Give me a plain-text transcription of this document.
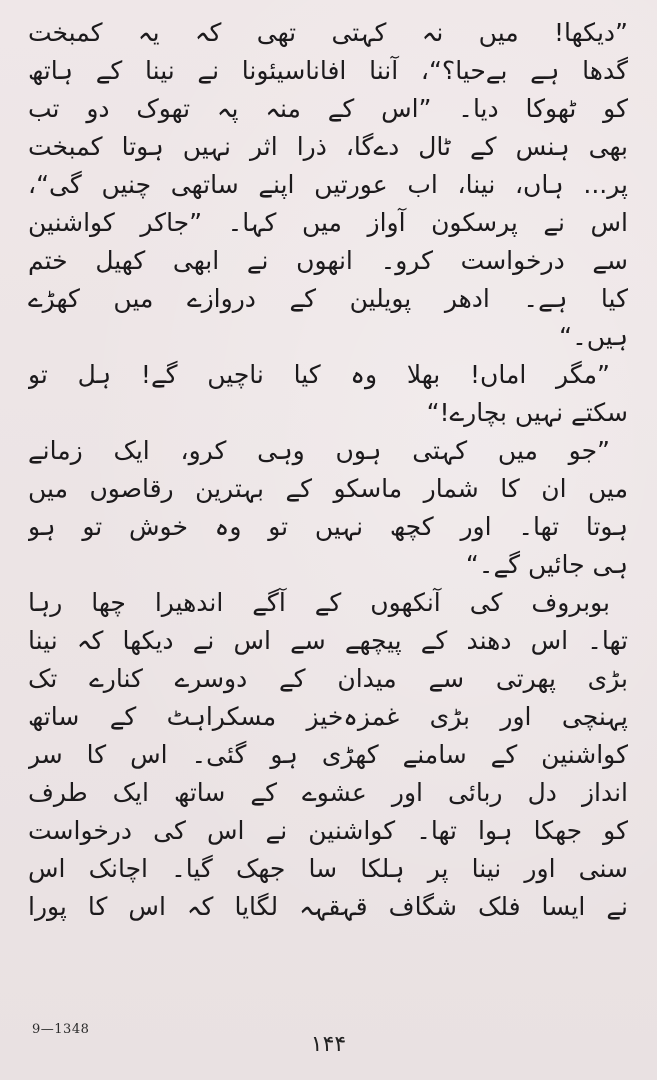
”دیکھا! میں نہ کہتی تھی کہ یہ کمبخت
گدھا ہے بےحیا؟“، آننا افاناسیئونا نے نینا کے ہاتھ
کو ٹھوکا دیا۔ ”اس کے منہ پہ تھوک دو تب
بھی ہنس کے ٹال دےگا، ذرا اثر نہیں ہوتا کمبخت
پر... ہاں، نینا، اب عورتیں اپنے ساتھی چنیں گی“،
اس نے پرسکون آواز میں کہا۔ ”جاکر کواشنین
سے درخواست کرو۔ انھوں نے ابھی کھیل ختم
کیا ہے۔ ادھر پویلین کے دروازے میں کھڑے
ہیں۔“
”مگر اماں! بھلا وہ کیا ناچیں گے! ہل تو
سکتے نہیں بچارے!“
”جو میں کہتی ہوں وہی کرو، ایک زمانے
میں ان کا شمار ماسکو کے بہترین رقاصوں میں
ہوتا تھا۔ اور کچھ نہیں تو وہ خوش تو ہو
ہی جائیں گے۔“
بوبروف کی آنکھوں کے آگے اندھیرا چھا رہا
تھا۔ اس دھند کے پیچھے سے اس نے دیکھا کہ نینا
بڑی پھرتی سے میدان کے دوسرے کنارے تک
پہنچی اور بڑی غمزہ‌خیز مسکراہٹ کے ساتھ
کواشنین کے سامنے کھڑی ہو گئی۔ اس کا سر
انداز دل ربائی اور عشوے کے ساتھ ایک طرف
کو جھکا ہوا تھا۔ کواشنین نے اس کی درخواست
سنی اور نینا پر ہلکا سا جھک گیا۔ اچانک اس
نے ایسا فلک شگاف قہقہہ لگایا کہ اس کا پورا
9—1348
۱۴۴
